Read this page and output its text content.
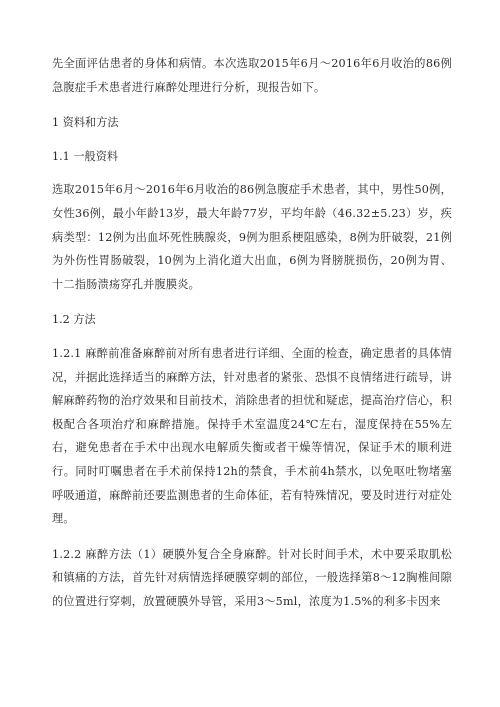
先全面评估患者的身体和病情。本次选取2015年6月～2016年6月收治的86例急腹症手术患者进行麻醉处理进行分析，现报告如下。

1 资料和方法

1.1 一般资料

选取2015年6月～2016年6月收治的86例急腹症手术患者，其中，男性50例，女性36例，最小年龄13岁，最大年龄77岁，平均年龄（46.32±5.23）岁，疾病类型：12例为出血坏死性胰腺炎，9例为胆系梗阻感染，8例为肝破裂，21例为外伤性胃肠破裂，10例为上消化道大出血，6例为肾膀胱损伤，20例为胃、十二指肠溃疡穿孔并腹膜炎。

1.2 方法

1.2.1 麻醉前准备麻醉前对所有患者进行详细、全面的检查，确定患者的具体情况，并据此选择适当的麻醉方法，针对患者的紧张、恐惧不良情绪进行疏导，讲解麻醉药物的治疗效果和目前技术，消除患者的担忧和疑虑，提高治疗信心，积极配合各项治疗和麻醉措施。保持手术室温度24℃左右，湿度保持在55%左右，避免患者在手术中出现水电解质失衡或者干燥等情况，保证手术的顺利进行。同时叮嘱患者在手术前保持12h的禁食，手术前4h禁水，以免呕吐物堵塞呼吸通道，麻醉前还要监测患者的生命体征，若有特殊情况，要及时进行对症处理。

1.2.2 麻醉方法（1）硬膜外复合全身麻醉。针对长时间手术，术中要采取肌松和镇痛的方法，首先针对病情选择硬膜穿刺的部位，一般选择第8～12胸椎间隙的位置进行穿刺，放置硬膜外导管，采用3～5ml，浓度为1.5%的利多卡因来
